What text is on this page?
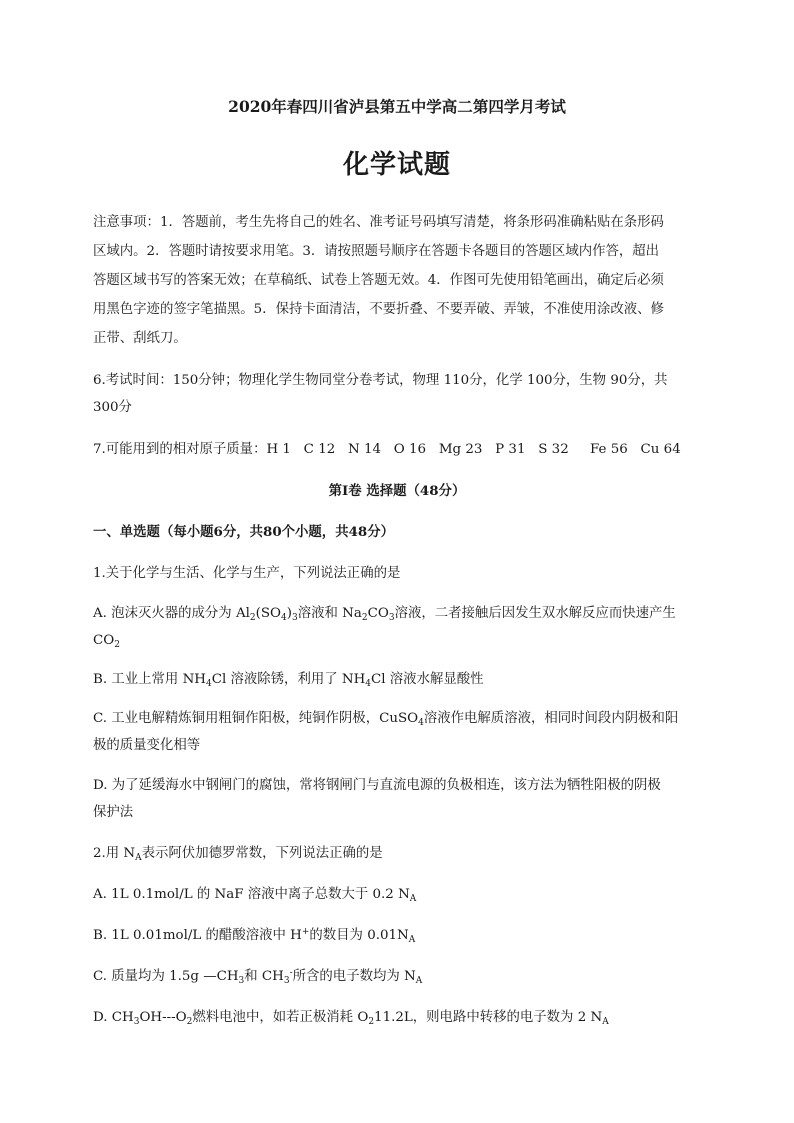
2020年春四川省泸县第五中学高二第四学月考试
化学试题
注意事项：1．答题前，考生先将自己的姓名、准考证号码填写清楚，将条形码准确粘贴在条形码
区域内。2．答题时请按要求用笔。3．请按照题号顺序在答题卡各题目的答题区域内作答，超出
答题区域书写的答案无效；在草稿纸、试卷上答题无效。4．作图可先使用铅笔画出，确定后必须
用黑色字迹的签字笔描黑。5．保持卡面清洁，不要折叠、不要弄破、弄皱，不准使用涂改液、修
正带、刮纸刀。
6.考试时间：150分钟；物理化学生物同堂分卷考试，物理 110分，化学 100分，生物 90分，共
300分
7.可能用到的相对原子质量：H 1   C 12   N 14   O 16   Mg 23   P 31   S 32     Fe 56   Cu 64
第Ⅰ卷 选择题（48分）
一、单选题（每小题6分，共80个小题，共48分）
1.关于化学与生活、化学与生产，下列说法正确的是
A. 泡沫灭火器的成分为 $Al_2(SO_4)_3$溶液和 $Na_2CO_3$溶液，二者接触后因发生双水解反应而快速产生
$CO_2$
B. 工业上常用 $NH_4Cl$ 溶液除锈，利用了 $NH_4Cl$ 溶液水解显酸性
C. 工业电解精炼铜用粗铜作阳极，纯铜作阴极，CuSO$_4$溶液作电解质溶液，相同时间段内阴极和阳
极的质量变化相等
D. 为了延缓海水中钢闸门的腐蚀，常将钢闸门与直流电源的负极相连，该方法为牺牲阳极的阴极
保护法
2.用 $N_A$表示阿伏加德罗常数，下列说法正确的是
A. 1L 0.1mol/L 的 NaF 溶液中离子总数大于 0.2 $N_A$
B. 1L 0.01mol/L 的醋酸溶液中 H+的数目为 $0.01N_A$
C. 质量均为 1.5g $—CH_3$和 $CH_3^-$所含的电子数均为 $N_A$
D. $CH_3OH---O_2$燃料电池中，如若正极消耗 $O_211.2L$，则电路中转移的电子数为 2 $N_A$
